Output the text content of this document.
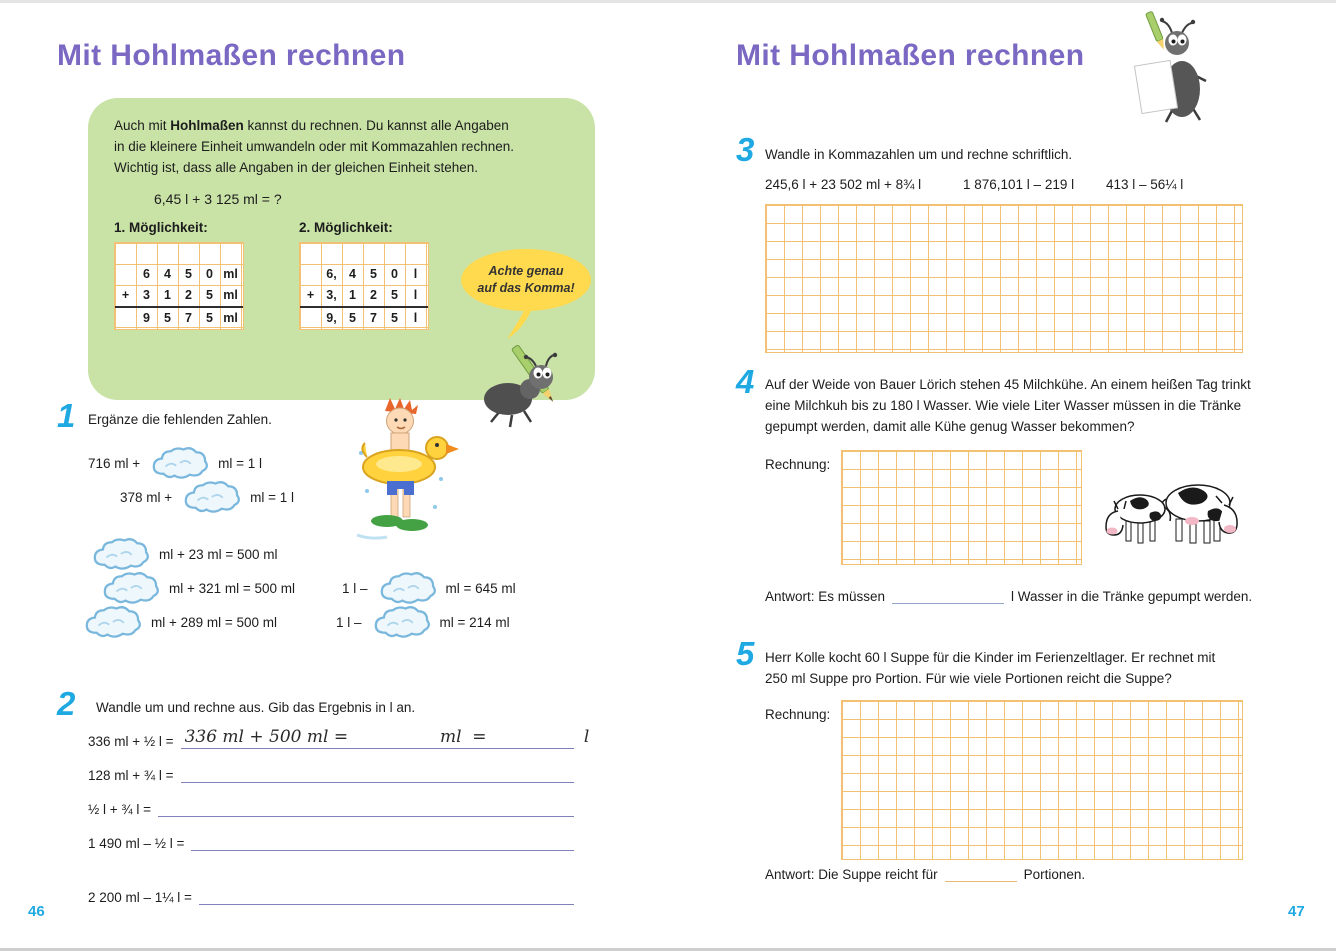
Mit Hohlmaßen rechnen
Auch mit Hohlmaßen kannst du rechnen. Du kannst alle Angaben
in die kleinere Einheit umwandeln oder mit Kommazahlen rechnen.
Wichtig ist, dass alle Angaben in der gleichen Einheit stehen.
6,45 l + 3 125 ml = ?
1. Möglichkeit:
6	4	5	0 ml
+	3	1	2	5 ml
9	5	7	5 ml
2. Möglichkeit:
6, 4	5	0	l
+ 3, 1	2	5	l
9, 5	7	5	l
Achte genau
auf das Komma!
1 Ergänze die fehlenden Zahlen.
716 ml +	ml = 1 l
378 ml +	ml = 1 l
ml + 23 ml = 500 ml
ml + 321 ml = 500 ml
ml + 289 ml = 500 ml
1 l –	ml = 645 ml
1 l –	ml = 214 ml
2 Wandle um und rechne aus. Gib das Ergebnis in l an.
336 ml + ½ l = 336 ml + 500 ml =                 ml  =                  l
128 ml + ¾ l =
½ l + ¾ l =
1 490 ml – ½ l =
2 200 ml – 1¼ l =
46
Mit Hohlmaßen rechnen
3 Wandle in Kommazahlen um und rechne schriftlich.
245,6 l + 23 502 ml + 8¾ l	1 876,101 l – 219 l 413 l – 56¼ l
4 Auf der Weide von Bauer Lörich stehen 45 Milchkühe. An einem heißen Tag trinkt
eine Milchkuh bis zu 180 l Wasser. Wie viele Liter Wasser müssen in die Tränke
gepumpt werden, damit alle Kühe genug Wasser bekommen?
Rechnung:
Antwort: Es müssen	l Wasser in die Tränke gepumpt werden.
5 Herr Kolle kocht 60 l Suppe für die Kinder im Ferienzeltlager. Er rechnet mit
250 ml Suppe pro Portion. Für wie viele Portionen reicht die Suppe?
Rechnung:
Antwort: Die Suppe reicht für	Portionen.
47
